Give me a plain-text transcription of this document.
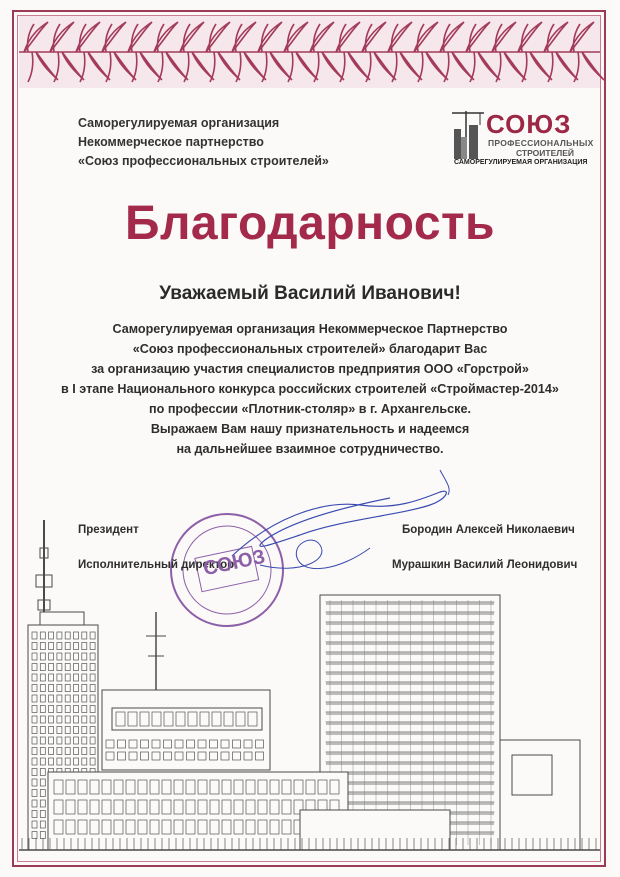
Саморегулируемая организация
Некоммерческое партнерство
«Союз профессиональных строителей»
СОЮЗ
ПРОФЕССИОНАЛЬНЫХ
СТРОИТЕЛЕЙ
САМОРЕГУЛИРУЕМАЯ ОРГАНИЗАЦИЯ
Благодарность
Уважаемый Василий Иванович!
Саморегулируемая организация Некоммерческое Партнерство
«Союз профессиональных строителей» благодарит Вас
за организацию участия специалистов предприятия ООО «Горстрой»
в I этапе Национального конкурса российских строителей «Строймастер-2014»
по профессии «Плотник-столяр» в г. Архангельске.
Выражаем Вам нашу признательность и надеемся
на дальнейшее взаимное сотрудничество.
Президент	Бородин Алексей Николаевич
Исполнительный директор	Мурашкин Василий Леонидович
СОЮЗ
